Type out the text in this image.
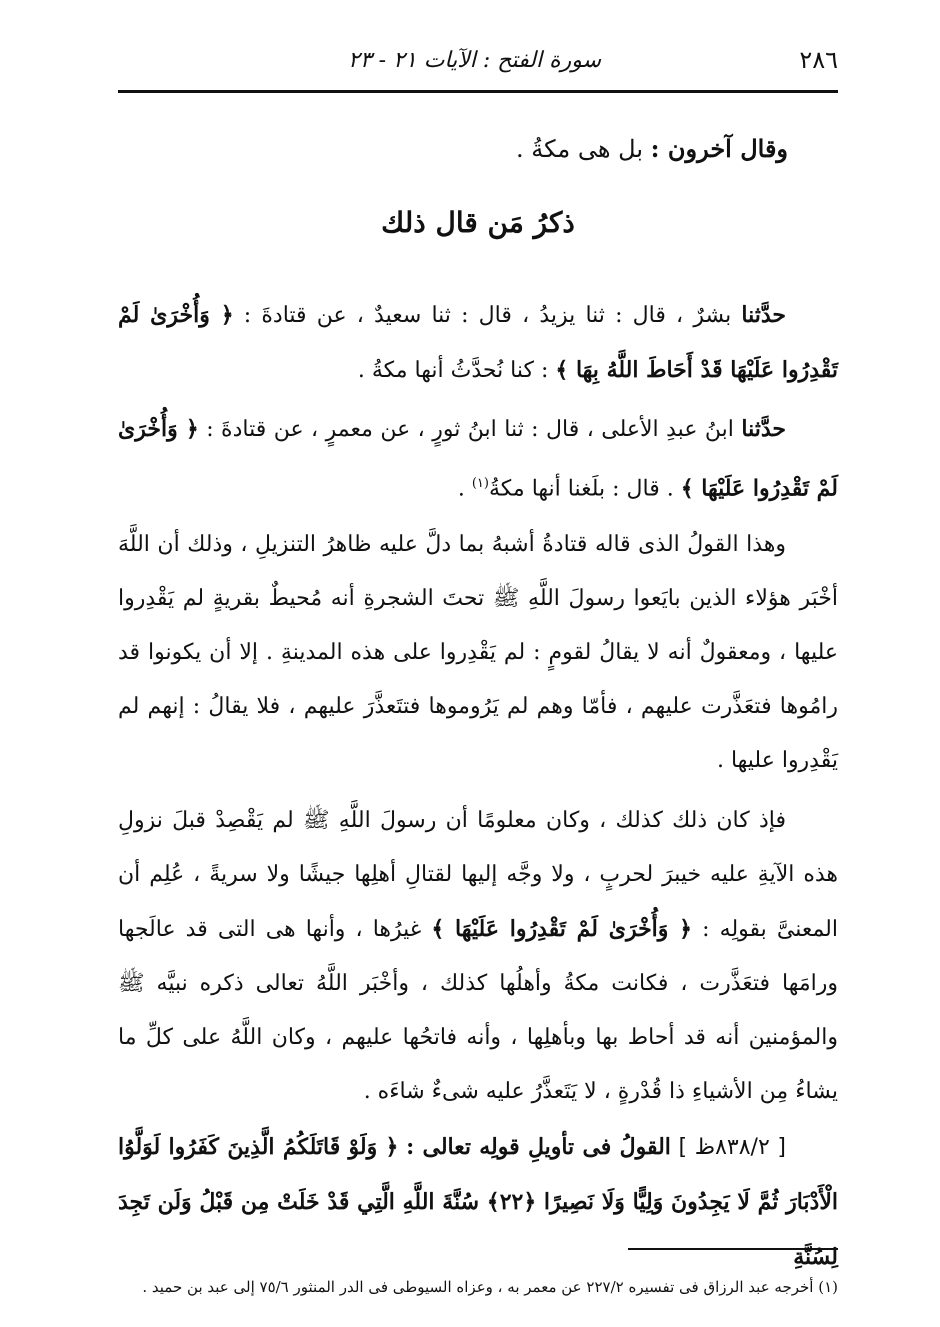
٢٨٦
سورة الفتح : الآيات ٢١ - ٢٣
وقال آخرون : بل هى مكةُ .
ذكرُ مَن قال ذلك
حدَّثنا بشرٌ ، قال : ثنا يزيدُ ، قال : ثنا سعيدٌ ، عن قتادةَ : ﴿ وَأُخْرَىٰ لَمْ تَقْدِرُوا عَلَيْهَا قَدْ أَحَاطَ اللَّهُ بِهَا ﴾ : كنا نُحدَّثُ أنها مكةُ .
حدَّثنا ابنُ عبدِ الأعلى ، قال : ثنا ابنُ ثورٍ ، عن معمرٍ ، عن قتادةَ : ﴿ وَأُخْرَىٰ لَمْ تَقْدِرُوا عَلَيْهَا ﴾ . قال : بلَغنا أنها مكةُ$^{(١)}$ .
وهذا القولُ الذى قاله قتادةُ أشبهُ بما دلَّ عليه ظاهرُ التنزيلِ ، وذلك أن اللَّهَ أخْبَر هؤلاء الذين بايَعوا رسولَ اللَّهِ ﷺ تحتَ الشجرةِ أنه مُحيطٌ بقريةٍ لم يَقْدِروا عليها ، ومعقولٌ أنه لا يقالُ لقومٍ : لم يَقْدِروا على هذه المدينةِ . إلا أن يكونوا قد رامُوها فتعَذَّرت عليهم ، فأمّا وهم لم يَرُوموها فتتَعذَّرَ عليهم ، فلا يقالُ : إنهم لم يَقْدِروا عليها .
فإذ كان ذلك كذلك ، وكان معلومًا أن رسولَ اللَّهِ ﷺ لم يَقْصِدْ قبلَ نزولِ هذه الآيةِ عليه خيبرَ لحربٍ ، ولا وجَّه إليها لقتالِ أهلِها جيشًا ولا سريةً ، عُلِم أن المعنىَّ بقولِه : ﴿ وَأُخْرَىٰ لَمْ تَقْدِرُوا عَلَيْهَا ﴾ غيرُها ، وأنها هى التى قد عالَجها ورامَها فتعَذَّرت ، فكانت مكةُ وأهلُها كذلك ، وأخْبَر اللَّهُ تعالى ذكره نبيَّه ﷺ والمؤمنين أنه قد أحاط بها وبأهلِها ، وأنه فاتحُها عليهم ، وكان اللَّهُ على كلِّ ما يشاءُ مِن الأشياءِ ذا قُدْرةٍ ، لا يَتَعذَّرُ عليه شىءٌ شاءَه .
[ ٨٣٨/٢ظ ] القولُ فى تأويلِ قولِه تعالى : ﴿ وَلَوْ قَاتَلَكُمُ الَّذِينَ كَفَرُوا لَوَلَّوُا الْأَدْبَارَ ثُمَّ لَا يَجِدُونَ وَلِيًّا وَلَا نَصِيرًا ﴿٢٢﴾ سُنَّةَ اللَّهِ الَّتِي قَدْ خَلَتْ مِن قَبْلُ وَلَن تَجِدَ لِسُنَّةِ
(١) أخرجه عبد الرزاق فى تفسيره ٢٢٧/٢ عن معمر به ، وعزاه السيوطى فى الدر المنثور ٧٥/٦ إلى عبد بن حميد .
